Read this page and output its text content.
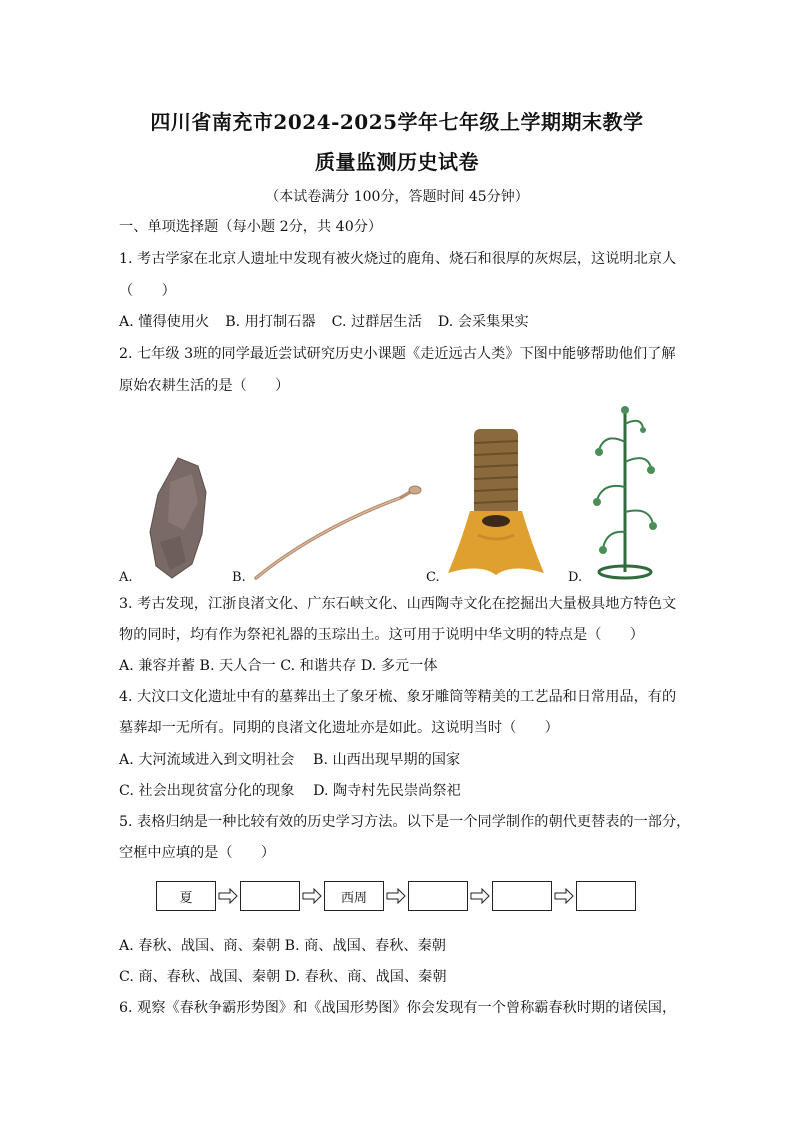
四川省南充市2024-2025学年七年级上学期期末教学
质量监测历史试卷
（本试卷满分 100分，答题时间 45分钟）
一、单项选择题（每小题 2分，共 40分）
1. 考古学家在北京人遗址中发现有被火烧过的鹿角、烧石和很厚的灰烬层，这说明北京人
（　　）
A. 懂得使用火 B. 用打制石器 C. 过群居生活 D. 会采集果实
2. 七年级 3班的同学最近尝试研究历史小课题《走近远古人类》下图中能够帮助他们了解
原始农耕生活的是（　　）
A.	B.	C.	D.
3. 考古发现，江浙良渚文化、广东石峡文化、山西陶寺文化在挖掘出大量极具地方特色文
物的同时，均有作为祭祀礼器的玉琮出土。这可用于说明中华文明的特点是（　　）
A. 兼容并蓄 B. 天人合一 C. 和谐共存 D. 多元一体
4. 大汶口文化遗址中有的墓葬出土了象牙梳、象牙雕筒等精美的工艺品和日常用品，有的
墓葬却一无所有。同期的良渚文化遗址亦是如此。这说明当时（　　）
A. 大河流域进入到文明社会　 B. 山西出现早期的国家
C. 社会出现贫富分化的现象　 D. 陶寺村先民崇尚祭祀
5. 表格归纳是一种比较有效的历史学习方法。以下是一个同学制作的朝代更替表的一部分，
空框中应填的是（　　）
夏	西周
A. 春秋、战国、商、秦朝 B. 商、战国、春秋、秦朝
C. 商、春秋、战国、秦朝 D. 春秋、商、战国、秦朝
6. 观察《春秋争霸形势图》和《战国形势图》你会发现有一个曾称霸春秋时期的诸侯国，
